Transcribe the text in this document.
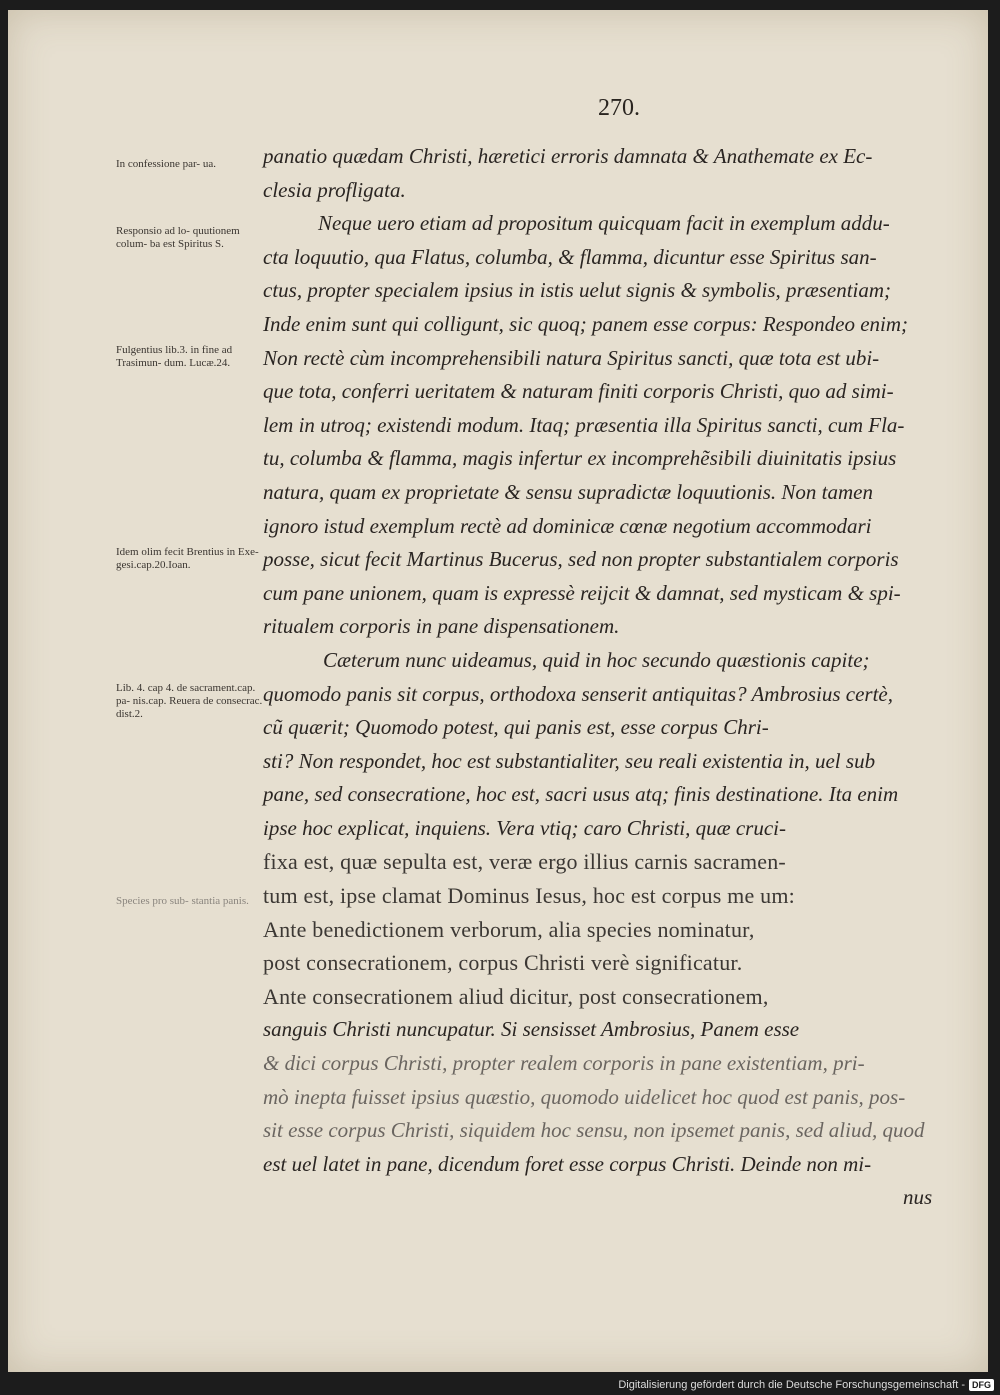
270.

In confessione par- ua.

Responsio ad lo- quutionem colum- ba est Spiritus S.

Fulgentius lib.3. in fine ad Trasimun- dum. Lucæ.24.

Idem olim fecit Brentius in Exe- gesi.cap.20.Ioan.

Lib. 4. cap 4. de sacrament.cap. pa- nis.cap. Reuera de consecrac. dist.2.

Species pro sub- stantia panis.

panatio quædam Christi, hæretici erroris damnata & Anathemate ex Ec-
clesia profligata.
Neque uero etiam ad propositum quicquam facit in exemplum addu-
cta loquutio, qua Flatus, columba, & flamma, dicuntur esse Spiritus san-
ctus, propter specialem ipsius in istis uelut signis & symbolis, præsentiam;
Inde enim sunt qui colligunt, sic quoq; panem esse corpus: Respondeo enim;
Non rectè cùm incomprehensibili natura Spiritus sancti, quæ tota est ubi-
que tota, conferri ueritatem & naturam finiti corporis Christi, quo ad simi-
lem in utroq; existendi modum. Itaq; præsentia illa Spiritus sancti, cum Fla-
tu, columba & flamma, magis infertur ex incomprehẽsibili diuinitatis ipsius
natura, quam ex proprietate & sensu supradictæ loquutionis. Non tamen
ignoro istud exemplum rectè ad dominicæ cœnæ negotium accommodari
posse, sicut fecit Martinus Bucerus, sed non propter substantialem corporis
cum pane unionem, quam is expressè reijcit & damnat, sed mysticam & spi-
ritualem corporis in pane dispensationem.
Cæterum nunc uideamus, quid in hoc secundo quæstionis capite;
quomodo panis sit corpus, orthodoxa senserit antiquitas? Ambrosius certè,
cũ quærit; Quomodo potest, qui panis est, esse corpus Chri-
sti? Non respondet, hoc est substantialiter, seu reali existentia in, uel sub
pane, sed consecratione, hoc est, sacri usus atq; finis destinatione. Ita enim
ipse hoc explicat, inquiens. Vera vtiq; caro Christi, quæ cruci-
fixa est, quæ sepulta est, veræ ergo illius carnis sacramen-
tum est, ipse clamat Dominus Iesus, hoc est corpus me um:
Ante benedictionem verborum, alia species nominatur,
post consecrationem, corpus Christi verè significatur.
Ante consecrationem aliud dicitur, post consecrationem,
sanguis Christi nuncupatur. Si sensisset Ambrosius, Panem esse
& dici corpus Christi, propter realem corporis in pane existentiam, pri-
mò inepta fuisset ipsius quæstio, quomodo uidelicet hoc quod est panis, pos-
sit esse corpus Christi, siquidem hoc sensu, non ipsemet panis, sed aliud, quod
est uel latet in pane, dicendum foret esse corpus Christi. Deinde non mi-
nus
Digitalisierung gefördert durch die Deutsche Forschungsgemeinschaft - DFG
